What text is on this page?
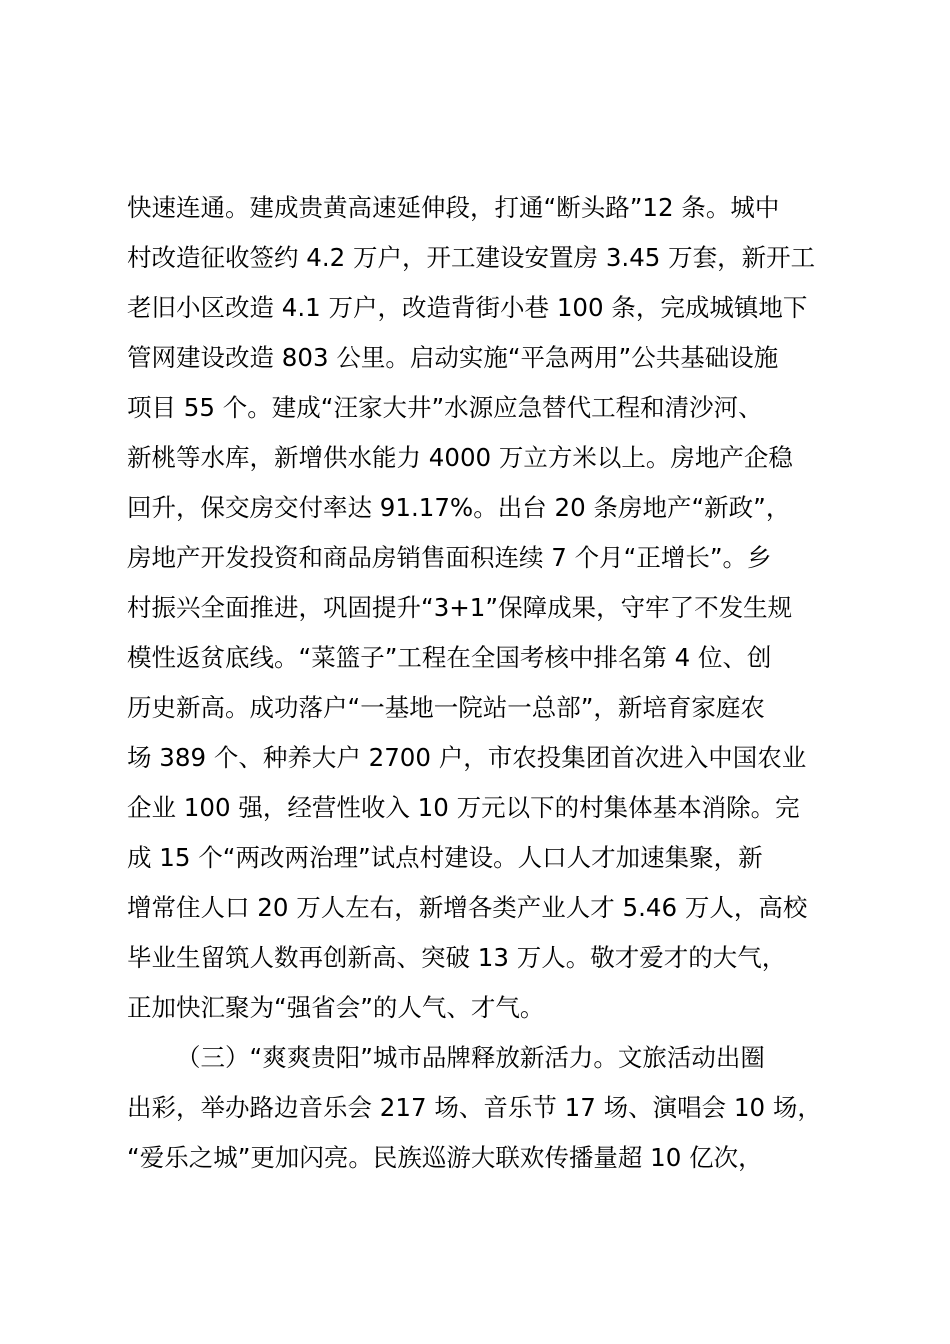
快速连通。建成贵黄高速延伸段，打通“断头路”12 条。城中
村改造征收签约 4.2 万户，开工建设安置房 3.45 万套，新开工
老旧小区改造 4.1 万户，改造背街小巷 100 条，完成城镇地下
管网建设改造 803 公里。启动实施“平急两用”公共基础设施
项目 55 个。建成“汪家大井”水源应急替代工程和清沙河、
新桃等水库，新增供水能力 4000 万立方米以上。房地产企稳
回升，保交房交付率达 91.17%。出台 20 条房地产“新政”，
房地产开发投资和商品房销售面积连续 7 个月“正增长”。乡
村振兴全面推进，巩固提升“3+1”保障成果，守牢了不发生规
模性返贫底线。“菜篮子”工程在全国考核中排名第 4 位、创
历史新高。成功落户“一基地一院站一总部”，新培育家庭农
场 389 个、种养大户 2700 户，市农投集团首次进入中国农业
企业 100 强，经营性收入 10 万元以下的村集体基本消除。完
成 15 个“两改两治理”试点村建设。人口人才加速集聚，新
增常住人口 20 万人左右，新增各类产业人才 5.46 万人，高校
毕业生留筑人数再创新高、突破 13 万人。敬才爱才的大气，
正加快汇聚为“强省会”的人气、才气。
（三）“爽爽贵阳”城市品牌释放新活力。文旅活动出圈
出彩，举办路边音乐会 217 场、音乐节 17 场、演唱会 10 场，
“爱乐之城”更加闪亮。民族巡游大联欢传播量超 10 亿次，
